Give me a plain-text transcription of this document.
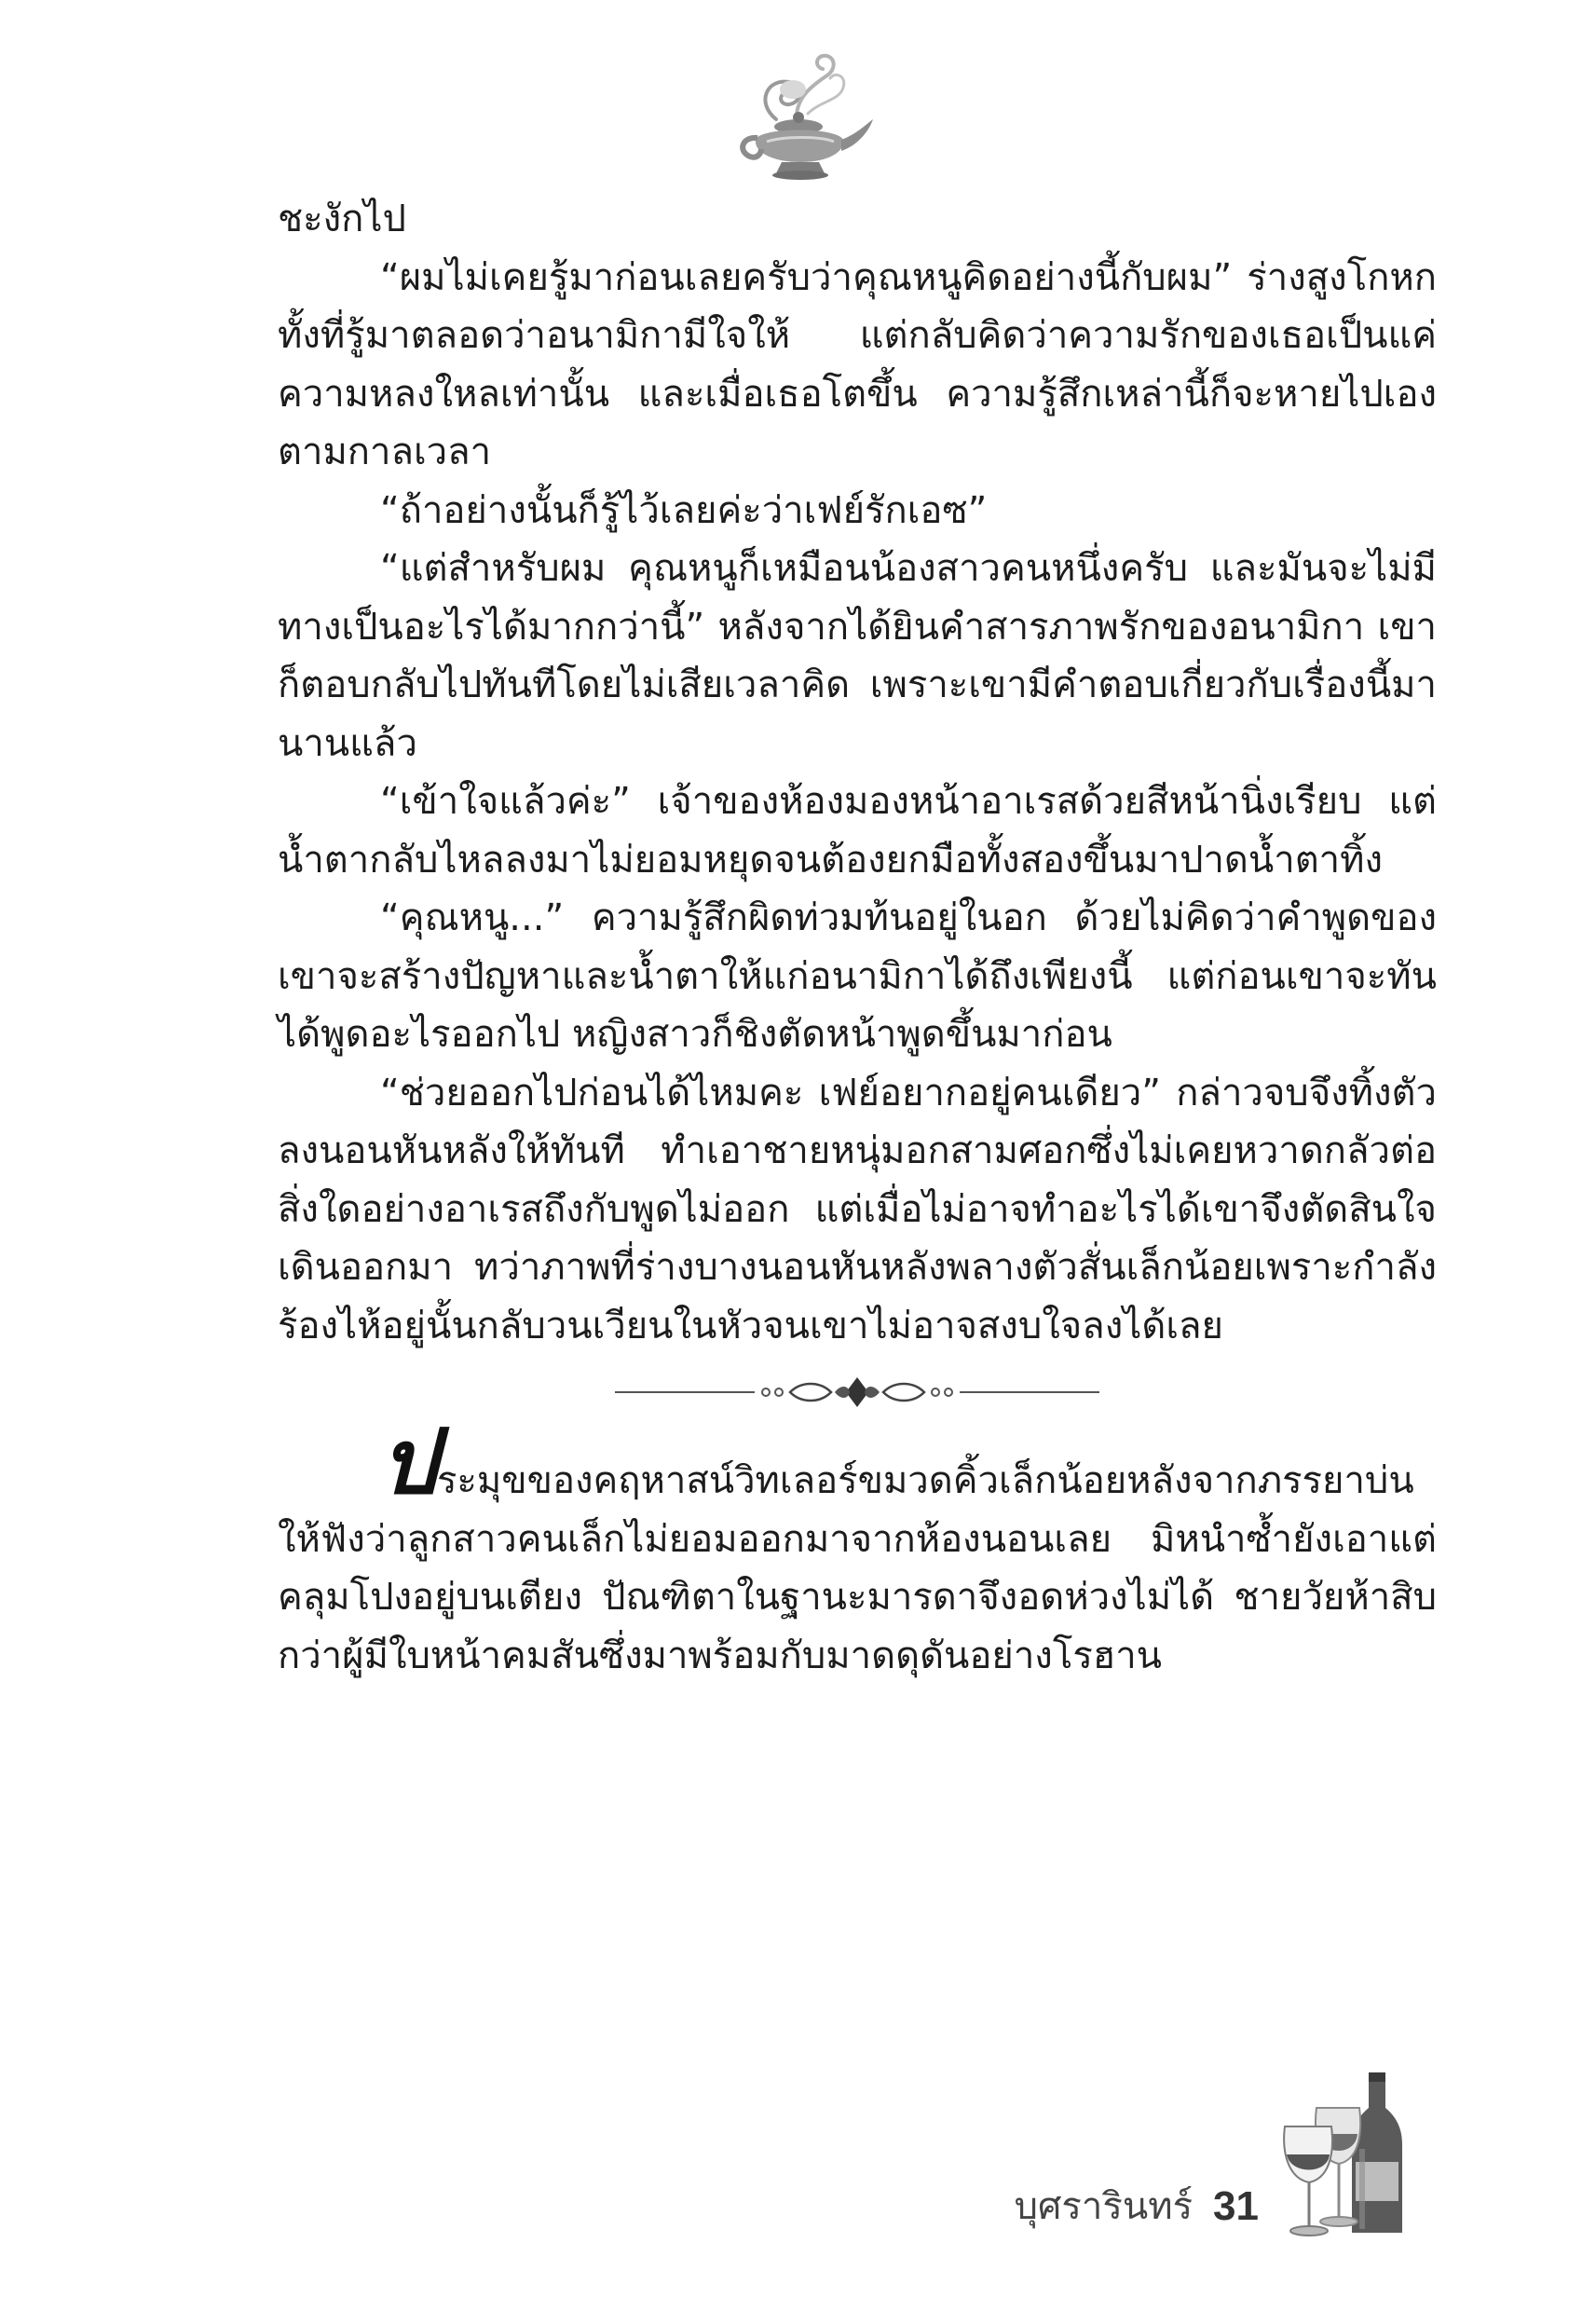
ชะงักไป

“ผมไม่เคยรู้มาก่อนเลยครับว่าคุณหนูคิดอย่างนี้กับผม” ร่างสูงโกหก ทั้งที่รู้มาตลอดว่าอนามิกามีใจให้ แต่กลับคิดว่าความรักของเธอเป็นแค่ความหลงใหลเท่านั้น และเมื่อเธอโตขึ้น ความรู้สึกเหล่านี้ก็จะหายไปเองตามกาลเวลา

“ถ้าอย่างนั้นก็รู้ไว้เลยค่ะว่าเฟย์รักเอซ”

“แต่สำหรับผม คุณหนูก็เหมือนน้องสาวคนหนึ่งครับ และมันจะไม่มีทางเป็นอะไรได้มากกว่านี้” หลังจากได้ยินคำสารภาพรักของอนามิกา เขาก็ตอบกลับไปทันทีโดยไม่เสียเวลาคิด เพราะเขามีคำตอบเกี่ยวกับเรื่องนี้มานานแล้ว

“เข้าใจแล้วค่ะ” เจ้าของห้องมองหน้าอาเรสด้วยสีหน้านิ่งเรียบ แต่น้ำตากลับไหลลงมาไม่ยอมหยุดจนต้องยกมือทั้งสองขึ้นมาปาดน้ำตาทิ้ง

“คุณหนู...” ความรู้สึกผิดท่วมท้นอยู่ในอก ด้วยไม่คิดว่าคำพูดของเขาจะสร้างปัญหาและน้ำตาให้แก่อนามิกาได้ถึงเพียงนี้ แต่ก่อนเขาจะทันได้พูดอะไรออกไป หญิงสาวก็ชิงตัดหน้าพูดขึ้นมาก่อน

“ช่วยออกไปก่อนได้ไหมคะ เฟย์อยากอยู่คนเดียว” กล่าวจบจึงทิ้งตัวลงนอนหันหลังให้ทันที ทำเอาชายหนุ่มอกสามศอกซึ่งไม่เคยหวาดกลัวต่อสิ่งใดอย่างอาเรสถึงกับพูดไม่ออก แต่เมื่อไม่อาจทำอะไรได้เขาจึงตัดสินใจเดินออกมา ทว่าภาพที่ร่างบางนอนหันหลังพลางตัวสั่นเล็กน้อยเพราะกำลังร้องไห้อยู่นั้นกลับวนเวียนในหัวจนเขาไม่อาจสงบใจลงได้เลย

ประมุขของคฤหาสน์วิทเลอร์ขมวดคิ้วเล็กน้อยหลังจากภรรยาบ่นให้ฟังว่าลูกสาวคนเล็กไม่ยอมออกมาจากห้องนอนเลย มิหนำซ้ำยังเอาแต่คลุมโปงอยู่บนเตียง ปัณฑิตาในฐานะมารดาจึงอดห่วงไม่ได้ ชายวัยห้าสิบกว่าผู้มีใบหน้าคมสันซึ่งมาพร้อมกับมาดดุดันอย่างโรฮาน

บุศรารินทร์ 31
